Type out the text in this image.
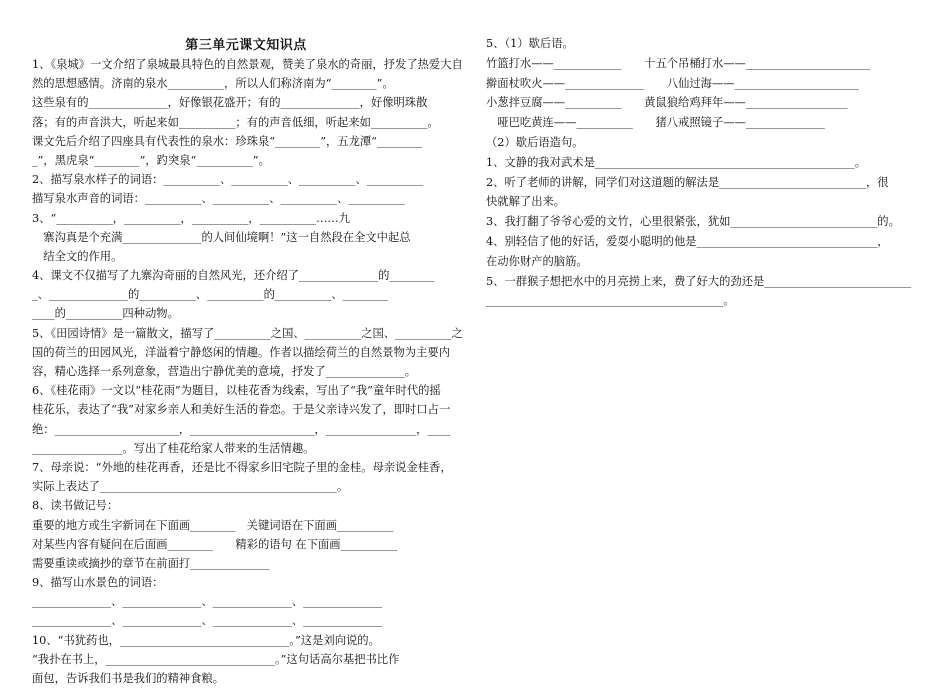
第三单元课文知识点
1、《泉城》一文介绍了泉城最具特色的自然景观，赞美了泉水的奇丽，抒发了热爱大自
然的思想感情。济南的泉水__________，所以人们称济南为“________”。
这些泉有的______________，好像银花盛开；有的______________，好像明珠散
落；有的声音洪大，听起来如__________；有的声音低细，听起来如__________。
课文先后介绍了四座具有代表性的泉水：珍珠泉“________”，五龙潭“________
_”，黑虎泉“________”，趵突泉“__________”。
2、描写泉水样子的词语：__________、__________、__________、__________
描写泉水声音的词语：__________、__________、__________、__________
3、“__________，__________，__________，__________……九
　寨沟真是个充满______________的人间仙境啊！”这一自然段在全文中起总
　结全文的作用。
4、课文不仅描写了九寨沟奇丽的自然风光，还介绍了______________的________
_、______________的__________、__________的__________、________
____的__________四种动物。
5、《田园诗情》是一篇散文，描写了__________之国、__________之国、__________之
国的荷兰的田园风光，洋溢着宁静悠闲的情趣。作者以描绘荷兰的自然景物为主要内
容，精心选择一系列意象，营造出宁静优美的意境，抒发了______________。
6、《桂花雨》一文以“桂花雨”为题目，以桂花香为线索，写出了“我”童年时代的摇
桂花乐，表达了“我”对家乡亲人和美好生活的眷恋。于是父亲诗兴发了，即时口占一
绝：______________________，______________________，________________，____
________________。写出了桂花给家人带来的生活情趣。
7、母亲说：“外地的桂花再香，还是比不得家乡旧宅院子里的金桂。母亲说金桂香，
实际上表达了__________________________________________。
8、读书做记号：
重要的地方或生字新词在下面画________　关键词语在下面画__________
对某些内容有疑问在后面画________　　精彩的语句 在下面画__________
需要重读或摘抄的章节在前面打______________
9、描写山水景色的词语：
______________、______________、______________、______________
______________、______________、______________、______________
10、“书犹药也，______________________________。”这是刘向说的。
“我扑在书上，______________________________。”这句话高尔基把书比作
面包，告诉我们书是我们的精神食粮。
5、（1）歇后语。
竹篮打水——____________　　十五个吊桶打水——______________________
擀面杖吹火——______________　　八仙过海——______________________
小葱拌豆腐——__________　　黄鼠狼给鸡拜年——__________________
　哑巴吃黄连——__________　　猪八戒照镜子——______________
（2）歇后语造句。
1、文静的我对武术是______________________________________________。
2、听了老师的讲解，同学们对这道题的解法是__________________________，很
快就解了出来。
3、我打翻了爷爷心爱的文竹，心里很紧张，犹如__________________________的。
4、别轻信了他的好话，爱耍小聪明的他是________________________________，
在动你财产的脑筋。
5、一群猴子想把水中的月亮捞上来，费了好大的劲还是__________________________
__________________________________________。
